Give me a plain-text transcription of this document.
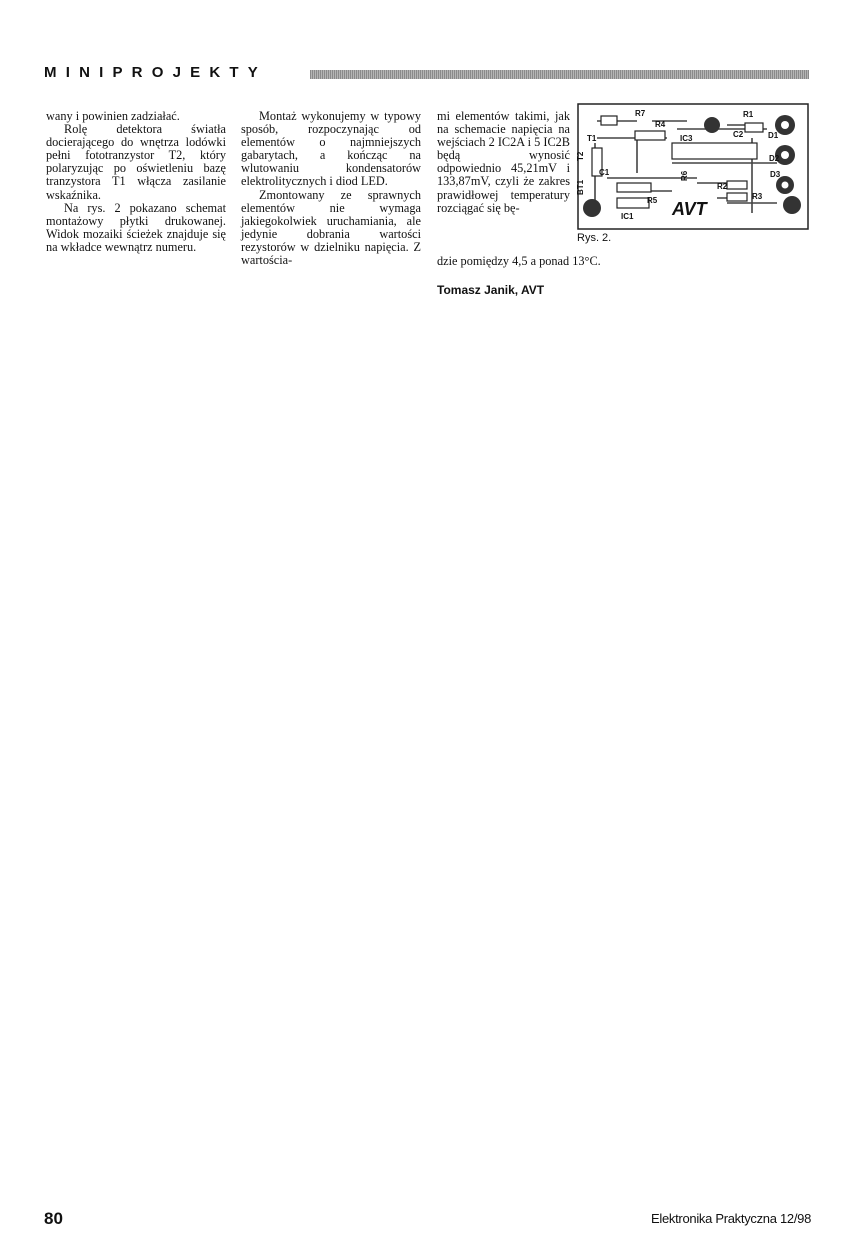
MINIPROJEKTY

wany i powinien zadziałać.

Rolę detektora światła docierającego do wnętrza lodówki pełni fototranzystor T2, który polaryzując po oświetleniu bazę tranzystora T1 włącza zasilanie wskaźnika.

Na rys. 2 pokazano schemat montażowy płytki drukowanej. Widok mozaiki ścieżek znajduje się na wkładce wewnątrz numeru.

Montaż wykonujemy w typowy sposób, rozpoczynając od elementów o najmniejszych gabarytach, a kończąc na wlutowaniu kondensatorów elektrolitycznych i diod LED.

Zmontowany ze sprawnych elementów nie wymaga jakiegokolwiek uruchamiania, ale jedynie dobrania wartości rezystorów w dzielniku napięcia. Z wartościa-

mi elementów takimi, jak na schemacie napięcia na wejściach 2 IC2A i 5 IC2B będą wynosić odpowiednio 45,21mV i 133,87mV, czyli że zakres prawidłowej temperatury rozciągać się bę-

dzie pomiędzy 4,5 a ponad 13°C.
Tomasz Janik, AVT
R7
R4
R1
T1	IC3	C2	D1
T2	D2
C1	R6	D3
R2
BT1
R5	R3
IC1 AVT
Rys. 2.
80	Elektronika Praktyczna 12/98
